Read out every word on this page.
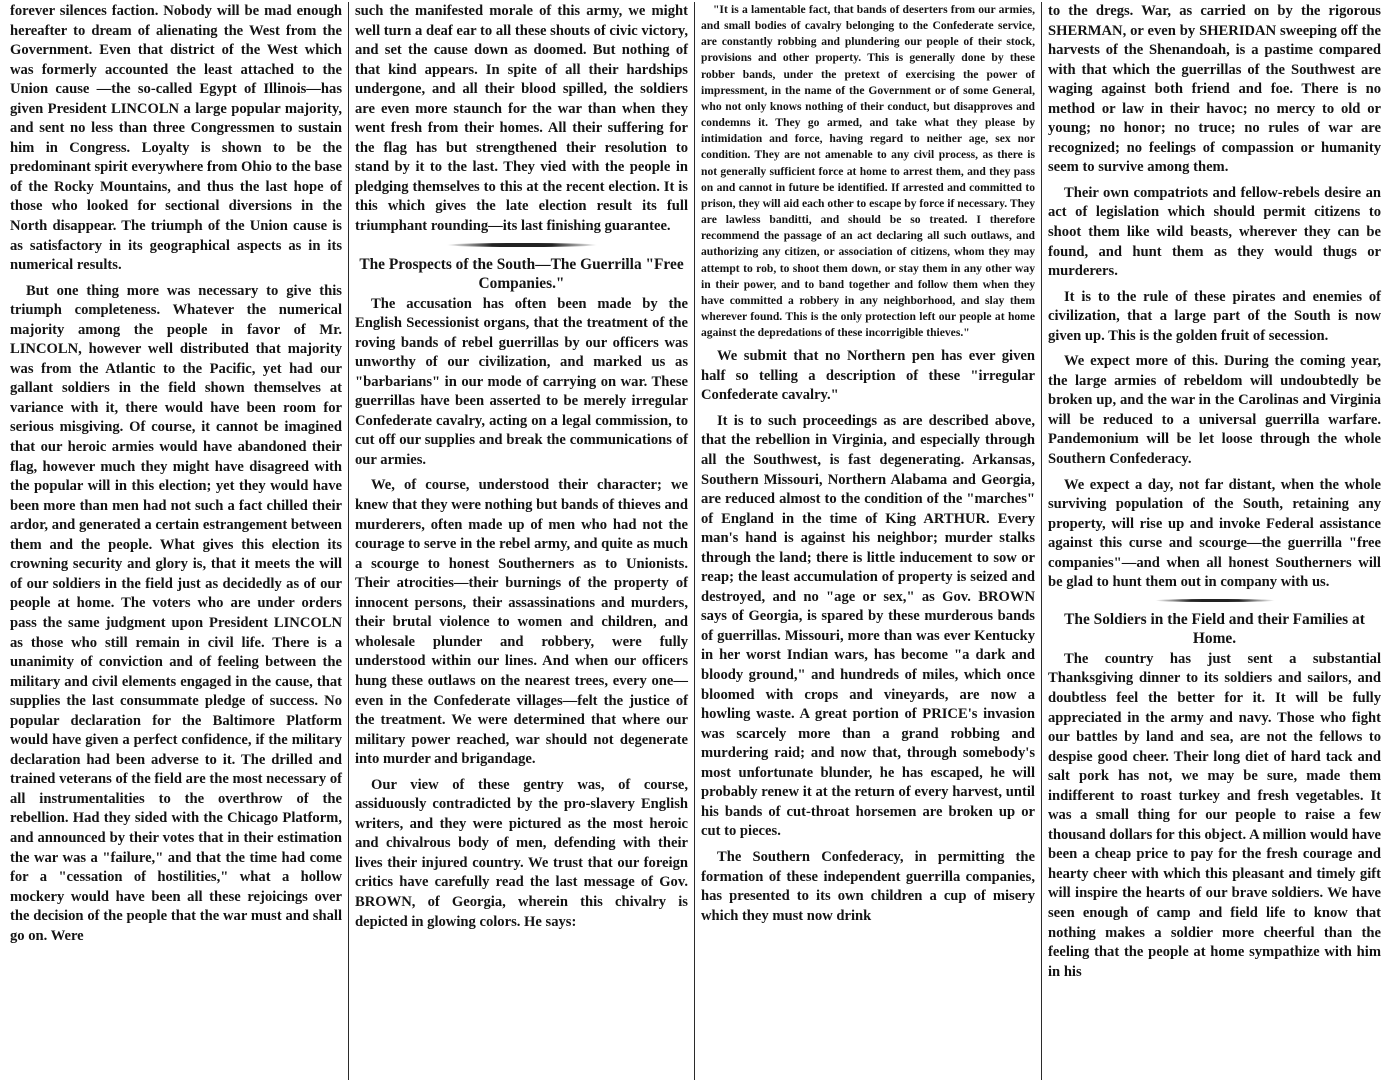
forever silences faction. Nobody will be mad enough hereafter to dream of alienating the West from the Government. Even that district of the West which was formerly accounted the least attached to the Union cause —the so-called Egypt of Illinois—has given President LINCOLN a large popular majority, and sent no less than three Congressmen to sustain him in Congress. Loyalty is shown to be the predominant spirit everywhere from Ohio to the base of the Rocky Mountains, and thus the last hope of those who looked for sectional diversions in the North disappear. The triumph of the Union cause is as satisfactory in its geographical aspects as in its numerical results.

But one thing more was necessary to give this triumph completeness. Whatever the numerical majority among the people in favor of Mr. LINCOLN, however well distributed that majority was from the Atlantic to the Pacific, yet had our gallant soldiers in the field shown themselves at variance with it, there would have been room for serious misgiving. Of course, it cannot be imagined that our heroic armies would have abandoned their flag, however much they might have disagreed with the popular will in this election; yet they would have been more than men had not such a fact chilled their ardor, and generated a certain estrangement between them and the people. What gives this election its crowning security and glory is, that it meets the will of our soldiers in the field just as decidedly as of our people at home. The voters who are under orders pass the same judgment upon President LINCOLN as those who still remain in civil life. There is a unanimity of conviction and of feeling between the military and civil elements engaged in the cause, that supplies the last consummate pledge of success. No popular declaration for the Baltimore Platform would have given a perfect confidence, if the military declaration had been adverse to it. The drilled and trained veterans of the field are the most necessary of all instrumentalities to the overthrow of the rebellion. Had they sided with the Chicago Platform, and announced by their votes that in their estimation the war was a "failure," and that the time had come for a "cessation of hostilities," what a hollow mockery would have been all these rejoicings over the decision of the people that the war must and shall go on. Were

such the manifested morale of this army, we might well turn a deaf ear to all these shouts of civic victory, and set the cause down as doomed. But nothing of that kind appears. In spite of all their hardships undergone, and all their blood spilled, the soldiers are even more staunch for the war than when they went fresh from their homes. All their suffering for the flag has but strengthened their resolution to stand by it to the last. They vied with the people in pledging themselves to this at the recent election. It is this which gives the late election result its full triumphant rounding—its last finishing guarantee.

The Prospects of the South—The Guerrilla "Free Companies."

The accusation has often been made by the English Secessionist organs, that the treatment of the roving bands of rebel guerrillas by our officers was unworthy of our civilization, and marked us as "barbarians" in our mode of carrying on war. These guerrillas have been asserted to be merely irregular Confederate cavalry, acting on a legal commission, to cut off our supplies and break the communications of our armies.

We, of course, understood their character; we knew that they were nothing but bands of thieves and murderers, often made up of men who had not the courage to serve in the rebel army, and quite as much a scourge to honest Southerners as to Unionists. Their atrocities—their burnings of the property of innocent persons, their assassinations and murders, their brutal violence to women and children, and wholesale plunder and robbery, were fully understood within our lines. And when our officers hung these outlaws on the nearest trees, every one—even in the Confederate villages—felt the justice of the treatment. We were determined that where our military power reached, war should not degenerate into murder and brigandage.

Our view of these gentry was, of course, assiduously contradicted by the pro-slavery English writers, and they were pictured as the most heroic and chivalrous body of men, defending with their lives their injured country. We trust that our foreign critics have carefully read the last message of Gov. BROWN, of Georgia, wherein this chivalry is depicted in glowing colors. He says:

"It is a lamentable fact, that bands of deserters from our armies, and small bodies of cavalry belonging to the Confederate service, are constantly robbing and plundering our people of their stock, provisions and other property. This is generally done by these robber bands, under the pretext of exercising the power of impressment, in the name of the Government or of some General, who not only knows nothing of their conduct, but disapproves and condemns it. They go armed, and take what they please by intimidation and force, having regard to neither age, sex nor condition. They are not amenable to any civil process, as there is not generally sufficient force at home to arrest them, and they pass on and cannot in future be identified. If arrested and committed to prison, they will aid each other to escape by force if necessary. They are lawless banditti, and should be so treated. I therefore recommend the passage of an act declaring all such outlaws, and authorizing any citizen, or association of citizens, whom they may attempt to rob, to shoot them down, or stay them in any other way in their power, and to band together and follow them when they have committed a robbery in any neighborhood, and slay them wherever found. This is the only protection left our people at home against the depredations of these incorrigible thieves."

We submit that no Northern pen has ever given half so telling a description of these "irregular Confederate cavalry."

It is to such proceedings as are described above, that the rebellion in Virginia, and especially through all the Southwest, is fast degenerating. Arkansas, Southern Missouri, Northern Alabama and Georgia, are reduced almost to the condition of the "marches" of England in the time of King ARTHUR. Every man's hand is against his neighbor; murder stalks through the land; there is little inducement to sow or reap; the least accumulation of property is seized and destroyed, and no "age or sex," as Gov. BROWN says of Georgia, is spared by these murderous bands of guerrillas. Missouri, more than was ever Kentucky in her worst Indian wars, has become "a dark and bloody ground," and hundreds of miles, which once bloomed with crops and vineyards, are now a howling waste. A great portion of PRICE's invasion was scarcely more than a grand robbing and murdering raid; and now that, through somebody's most unfortunate blunder, he has escaped, he will probably renew it at the return of every harvest, until his bands of cut-throat horsemen are broken up or cut to pieces.

The Southern Confederacy, in permitting the formation of these independent guerrilla companies, has presented to its own children a cup of misery which they must now drink

to the dregs. War, as carried on by the rigorous SHERMAN, or even by SHERIDAN sweeping off the harvests of the Shenandoah, is a pastime compared with that which the guerrillas of the Southwest are waging against both friend and foe. There is no method or law in their havoc; no mercy to old or young; no honor; no truce; no rules of war are recognized; no feelings of compassion or humanity seem to survive among them.

Their own compatriots and fellow-rebels desire an act of legislation which should permit citizens to shoot them like wild beasts, wherever they can be found, and hunt them as they would thugs or murderers.

It is to the rule of these pirates and enemies of civilization, that a large part of the South is now given up. This is the golden fruit of secession.

We expect more of this. During the coming year, the large armies of rebeldom will undoubtedly be broken up, and the war in the Carolinas and Virginia will be reduced to a universal guerrilla warfare. Pandemonium will be let loose through the whole Southern Confederacy.

We expect a day, not far distant, when the whole surviving population of the South, retaining any property, will rise up and invoke Federal assistance against this curse and scourge—the guerrilla "free companies"—and when all honest Southerners will be glad to hunt them out in company with us.

The Soldiers in the Field and their Families at Home.

The country has just sent a substantial Thanksgiving dinner to its soldiers and sailors, and doubtless feel the better for it. It will be fully appreciated in the army and navy. Those who fight our battles by land and sea, are not the fellows to despise good cheer. Their long diet of hard tack and salt pork has not, we may be sure, made them indifferent to roast turkey and fresh vegetables. It was a small thing for our people to raise a few thousand dollars for this object. A million would have been a cheap price to pay for the fresh courage and hearty cheer with which this pleasant and timely gift will inspire the hearts of our brave soldiers. We have seen enough of camp and field life to know that nothing makes a soldier more cheerful than the feeling that the people at home sympathize with him in his
